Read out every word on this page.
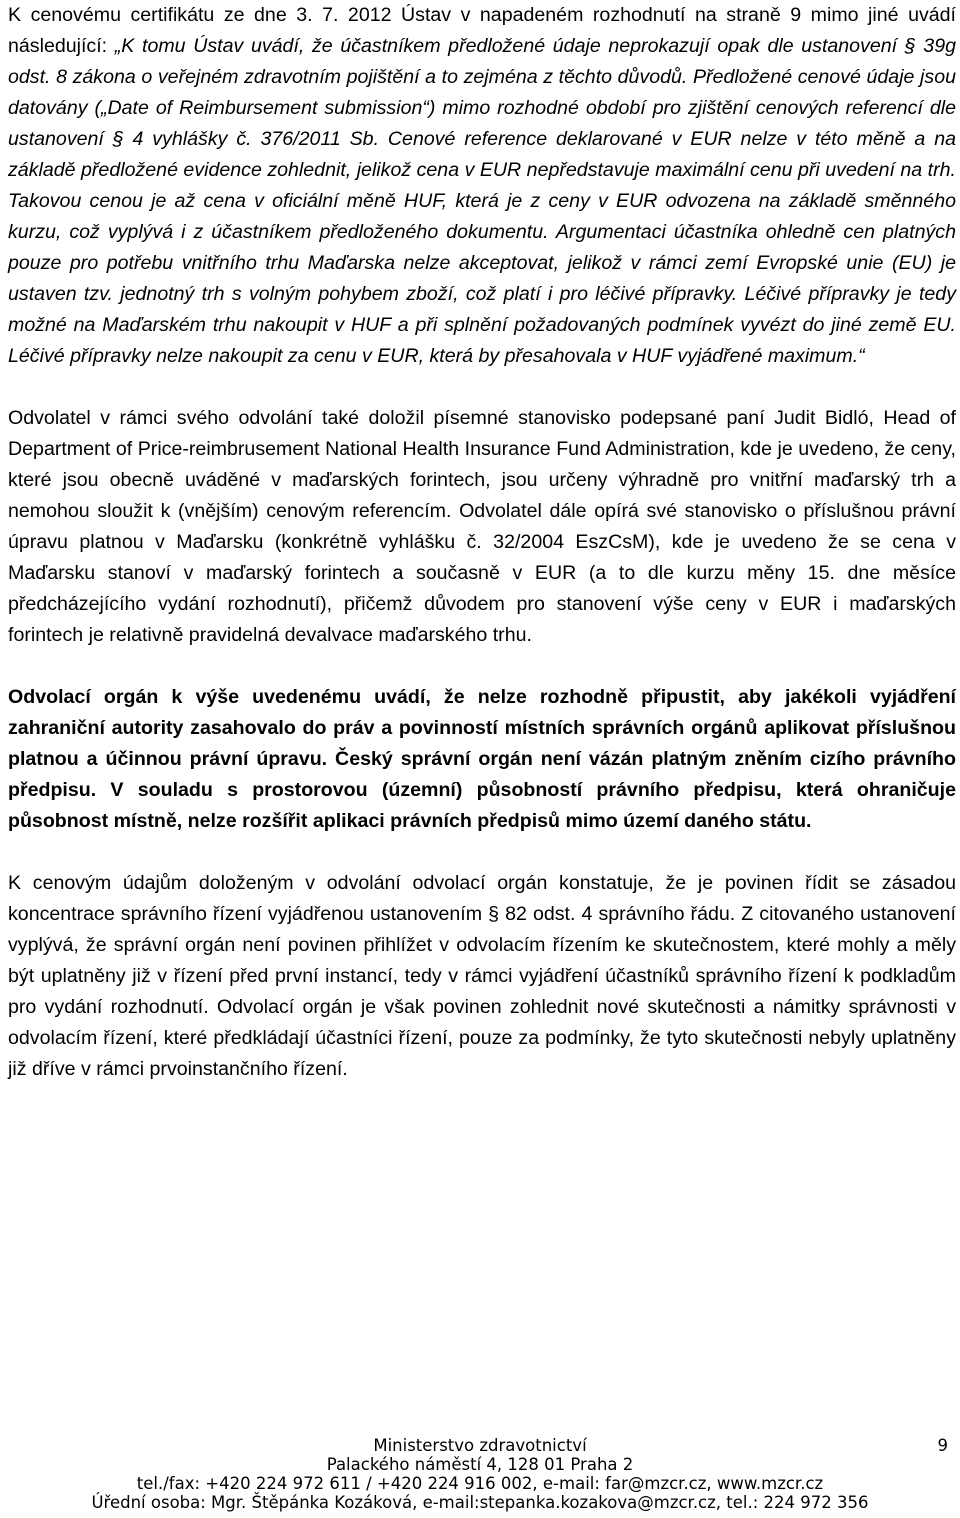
K cenovému certifikátu ze dne 3. 7. 2012 Ústav v napadeném rozhodnutí na straně 9 mimo jiné uvádí následující: „K tomu Ústav uvádí, že účastníkem předložené údaje neprokazují opak dle ustanovení § 39g odst. 8 zákona o veřejném zdravotním pojištění a to zejména z těchto důvodů. Předložené cenové údaje jsou datovány („Date of Reimbursement submission“) mimo rozhodné období pro zjištění cenových referencí dle ustanovení § 4 vyhlášky č. 376/2011 Sb. Cenové reference deklarované v EUR nelze v této měně a na základě předložené evidence zohlednit, jelikož cena v EUR nepředstavuje maximální cenu při uvedení na trh. Takovou cenou je až cena v oficiální měně HUF, která je z ceny v EUR odvozena na základě směnného kurzu, což vyplývá i z účastníkem předloženého dokumentu. Argumentaci účastníka ohledně cen platných pouze pro potřebu vnitřního trhu Maďarska nelze akceptovat, jelikož v rámci zemí Evropské unie (EU) je ustaven tzv. jednotný trh s volným pohybem zboží, což platí i pro léčivé přípravky. Léčivé přípravky je tedy možné na Maďarském trhu nakoupit v HUF a při splnění požadovaných podmínek vyvézt do jiné země EU. Léčivé přípravky nelze nakoupit za cenu v EUR, která by přesahovala v HUF vyjádřené maximum.“

Odvolatel v rámci svého odvolání také doložil písemné stanovisko podepsané paní Judit Bidló, Head of Department of Price-reimbrusement National Health Insurance Fund Administration, kde je uvedeno, že ceny, které jsou obecně uváděné v maďarských forintech, jsou určeny výhradně pro vnitřní maďarský trh a nemohou sloužit k (vnějším) cenovým referencím. Odvolatel dále opírá své stanovisko o příslušnou právní úpravu platnou v Maďarsku (konkrétně vyhlášku č. 32/2004 EszCsM), kde je uvedeno že se cena v Maďarsku stanoví v maďarský forintech a současně v EUR (a to dle kurzu měny 15. dne měsíce předcházejícího vydání rozhodnutí), přičemž důvodem pro stanovení výše ceny v EUR i maďarských forintech je relativně pravidelná devalvace maďarského trhu.

Odvolací orgán k výše uvedenému uvádí, že nelze rozhodně připustit, aby jakékoli vyjádření zahraniční autority zasahovalo do práv a povinností místních správních orgánů aplikovat příslušnou platnou a účinnou právní úpravu. Český správní orgán není vázán platným zněním cizího právního předpisu. V souladu s prostorovou (územní) působností právního předpisu, která ohraničuje působnost místně, nelze rozšířit aplikaci právních předpisů mimo území daného státu.

K cenovým údajům doloženým v odvolání odvolací orgán konstatuje, že je povinen řídit se zásadou koncentrace správního řízení vyjádřenou ustanovením § 82 odst. 4 správního řádu. Z citovaného ustanovení vyplývá, že správní orgán není povinen přihlížet v odvolacím řízením ke skutečnostem, které mohly a měly být uplatněny již v řízení před první instancí, tedy v rámci vyjádření účastníků správního řízení k podkladům pro vydání rozhodnutí. Odvolací orgán je však povinen zohlednit nové skutečnosti a námitky správnosti v odvolacím řízení, které předkládají účastníci řízení, pouze za podmínky, že tyto skutečnosti nebyly uplatněny již dříve v rámci prvoinstančního řízení.

Ministerstvo zdravotnictví
Palackého náměstí 4, 128 01 Praha 2
tel./fax: +420 224 972 611 / +420 224 916 002, e-mail: far@mzcr.cz, www.mzcr.cz
Úřední osoba: Mgr. Štěpánka Kozáková, e-mail:stepanka.kozakova@mzcr.cz, tel.: 224 972 356
9
